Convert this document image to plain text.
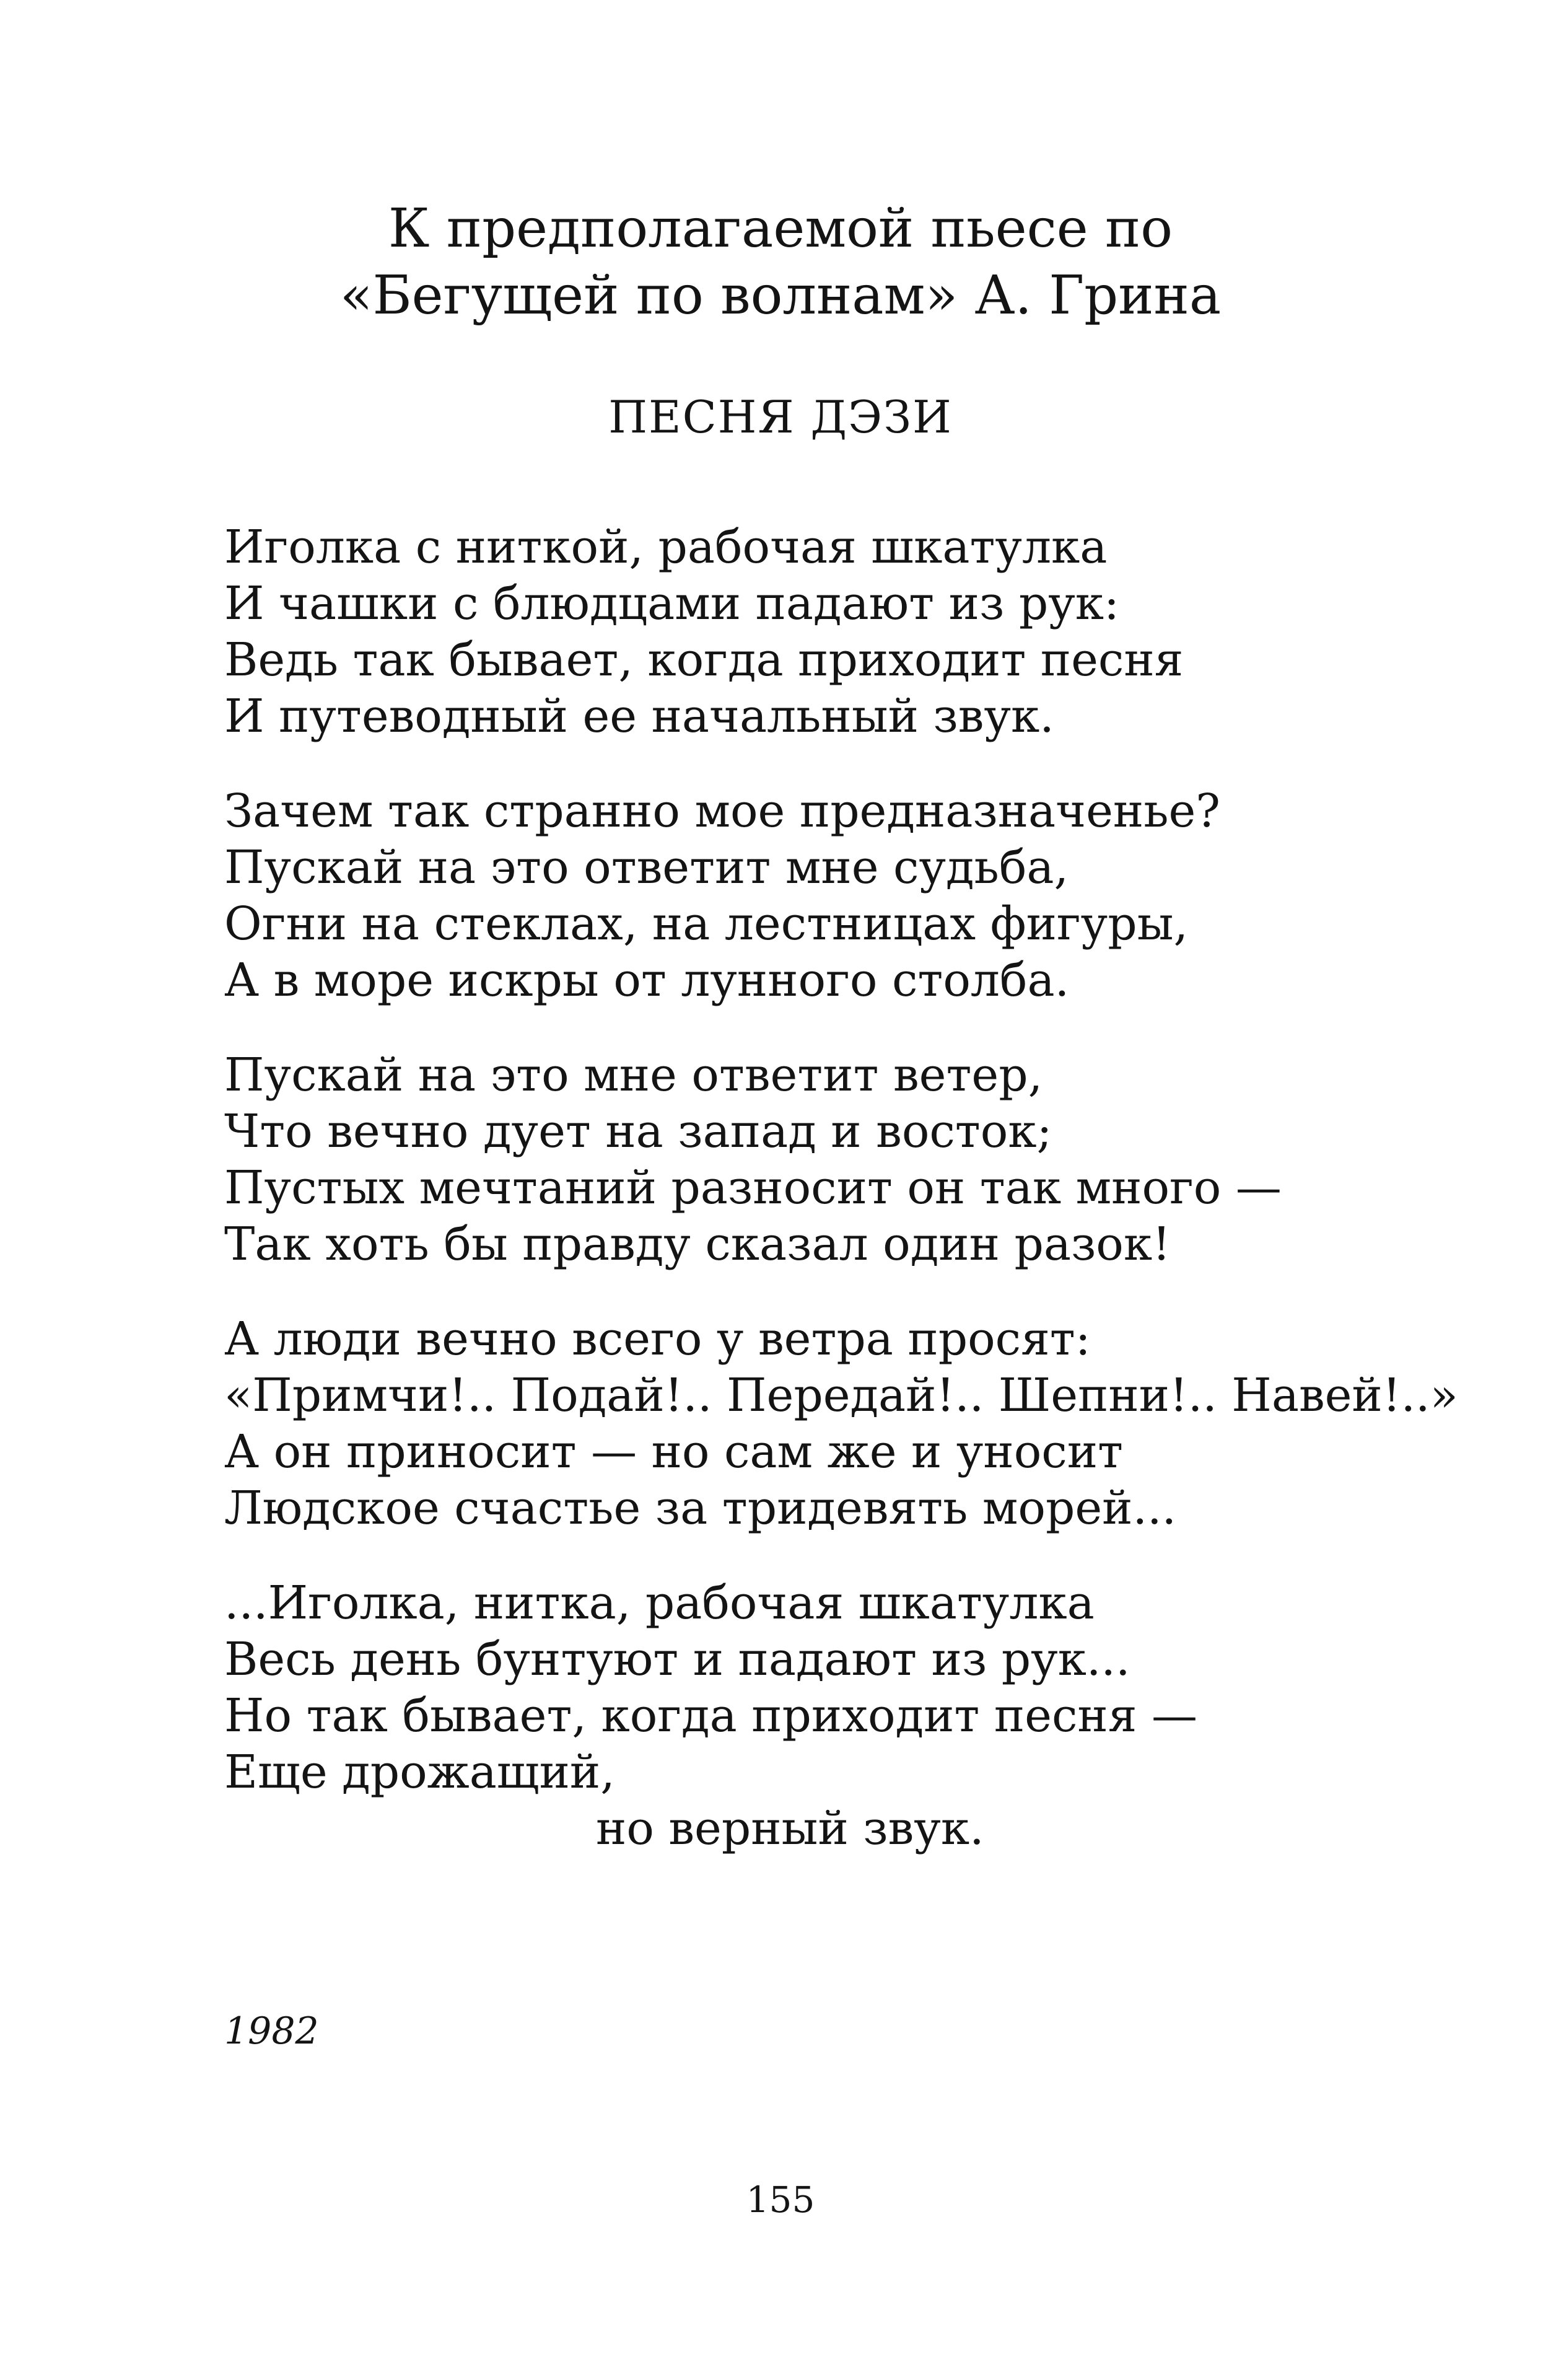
К предполагаемой пьесе по
«Бегущей по волнам» А. Грина
ПЕСНЯ ДЭЗИ
Иголка с ниткой, рабочая шкатулка
И чашки с блюдцами падают из рук:
Ведь так бывает, когда приходит песня
И путеводный ее начальный звук.
Зачем так странно мое предназначенье?
Пускай на это ответит мне судьба,
Огни на стеклах, на лестницах фигуры,
А в море искры от лунного столба.
Пускай на это мне ответит ветер,
Что вечно дует на запад и восток;
Пустых мечтаний разносит он так много —
Так хоть бы правду сказал один разок!
А люди вечно всего у ветра просят:
«Примчи!.. Подай!.. Передай!.. Шепни!.. Навей!..»
А он приносит — но сам же и уносит
Людское счастье за тридевять морей...
...Иголка, нитка, рабочая шкатулка
Весь день бунтуют и падают из рук...
Но так бывает, когда приходит песня —
Еще дрожащий,
но верный звук.
1982
155
